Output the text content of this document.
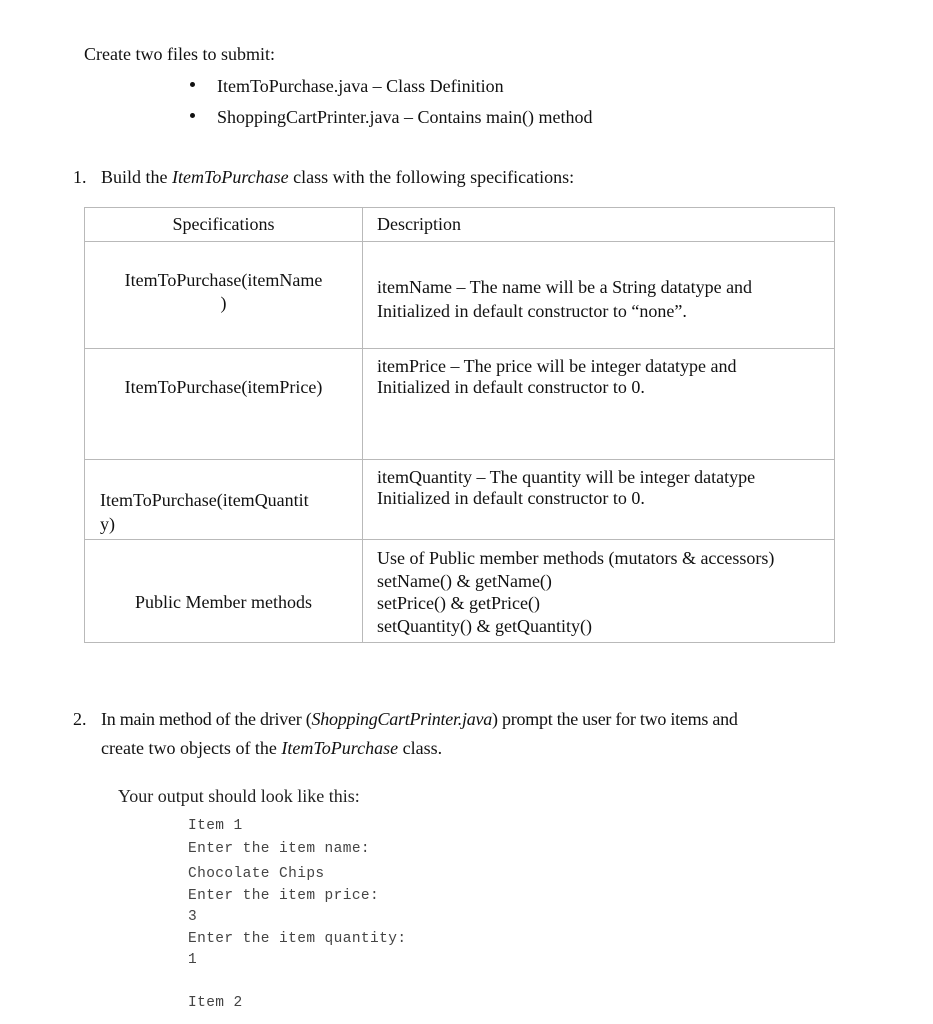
Create two files to submit:
ItemToPurchase.java – Class Definition
ShoppingCartPrinter.java – Contains main() method
1. Build the ItemToPurchase class with the following specifications:
Specifications	Description
ItemToPurchase(itemName
)
itemName – The name will be a String datatype and
Initialized in default constructor to “none”.
ItemToPurchase(itemPrice)
itemPrice – The price will be integer datatype and
Initialized in default constructor to 0.
ItemToPurchase(itemQuantit
y)
itemQuantity – The quantity will be integer datatype
Initialized in default constructor to 0.
Public Member methods
Use of Public member methods (mutators & accessors)
setName() & getName()
setPrice() & getPrice()
setQuantity() & getQuantity()
2. In main method of the driver (ShoppingCartPrinter.java) prompt the user for two items and
create two objects of the ItemToPurchase class.
Your output should look like this:
Item 1
Enter the item name:
Chocolate Chips
Enter the item price:
3
Enter the item quantity:
1
Item 2
